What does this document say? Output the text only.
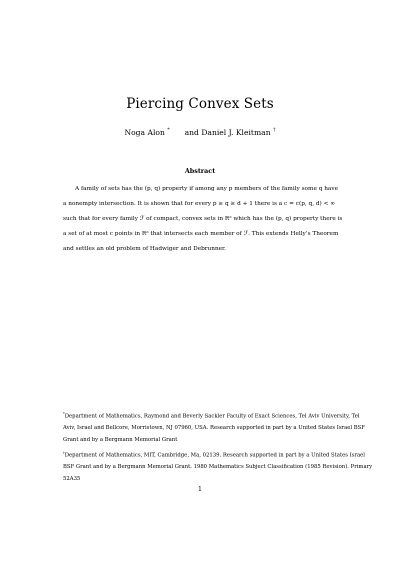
Piercing Convex Sets
Noga Alon * and Daniel J. Kleitman †
Abstract
A family of sets has the (p, q) property if among any p members of the family some q have
a nonempty intersection. It is shown that for every p ≥ q ≥ d + 1 there is a c = c(p, q, d) < ∞
such that for every family ℱ of compact, convex sets in Rᵈ which has the (p, q) property there is
a set of at most c points in Rᵈ that intersects each member of ℱ. This extends Helly’s Theorem
and settles an old problem of Hadwiger and Debrunner.
*Department of Mathematics, Raymond and Beverly Sackler Faculty of Exact Sciences, Tel Aviv University, Tel
Aviv, Israel and Bellcore, Morristown, NJ 07960, USA. Research supported in part by a United States Israel BSF
Grant and by a Bergmann Memorial Grant
†Department of Mathematics, MIT, Cambridge, Ma, 02139. Research supported in part by a United States Israel
BSF Grant and by a Bergmann Memorial Grant. 1980 Mathematics Subject Classification (1985 Revision). Primary
52A35
1
